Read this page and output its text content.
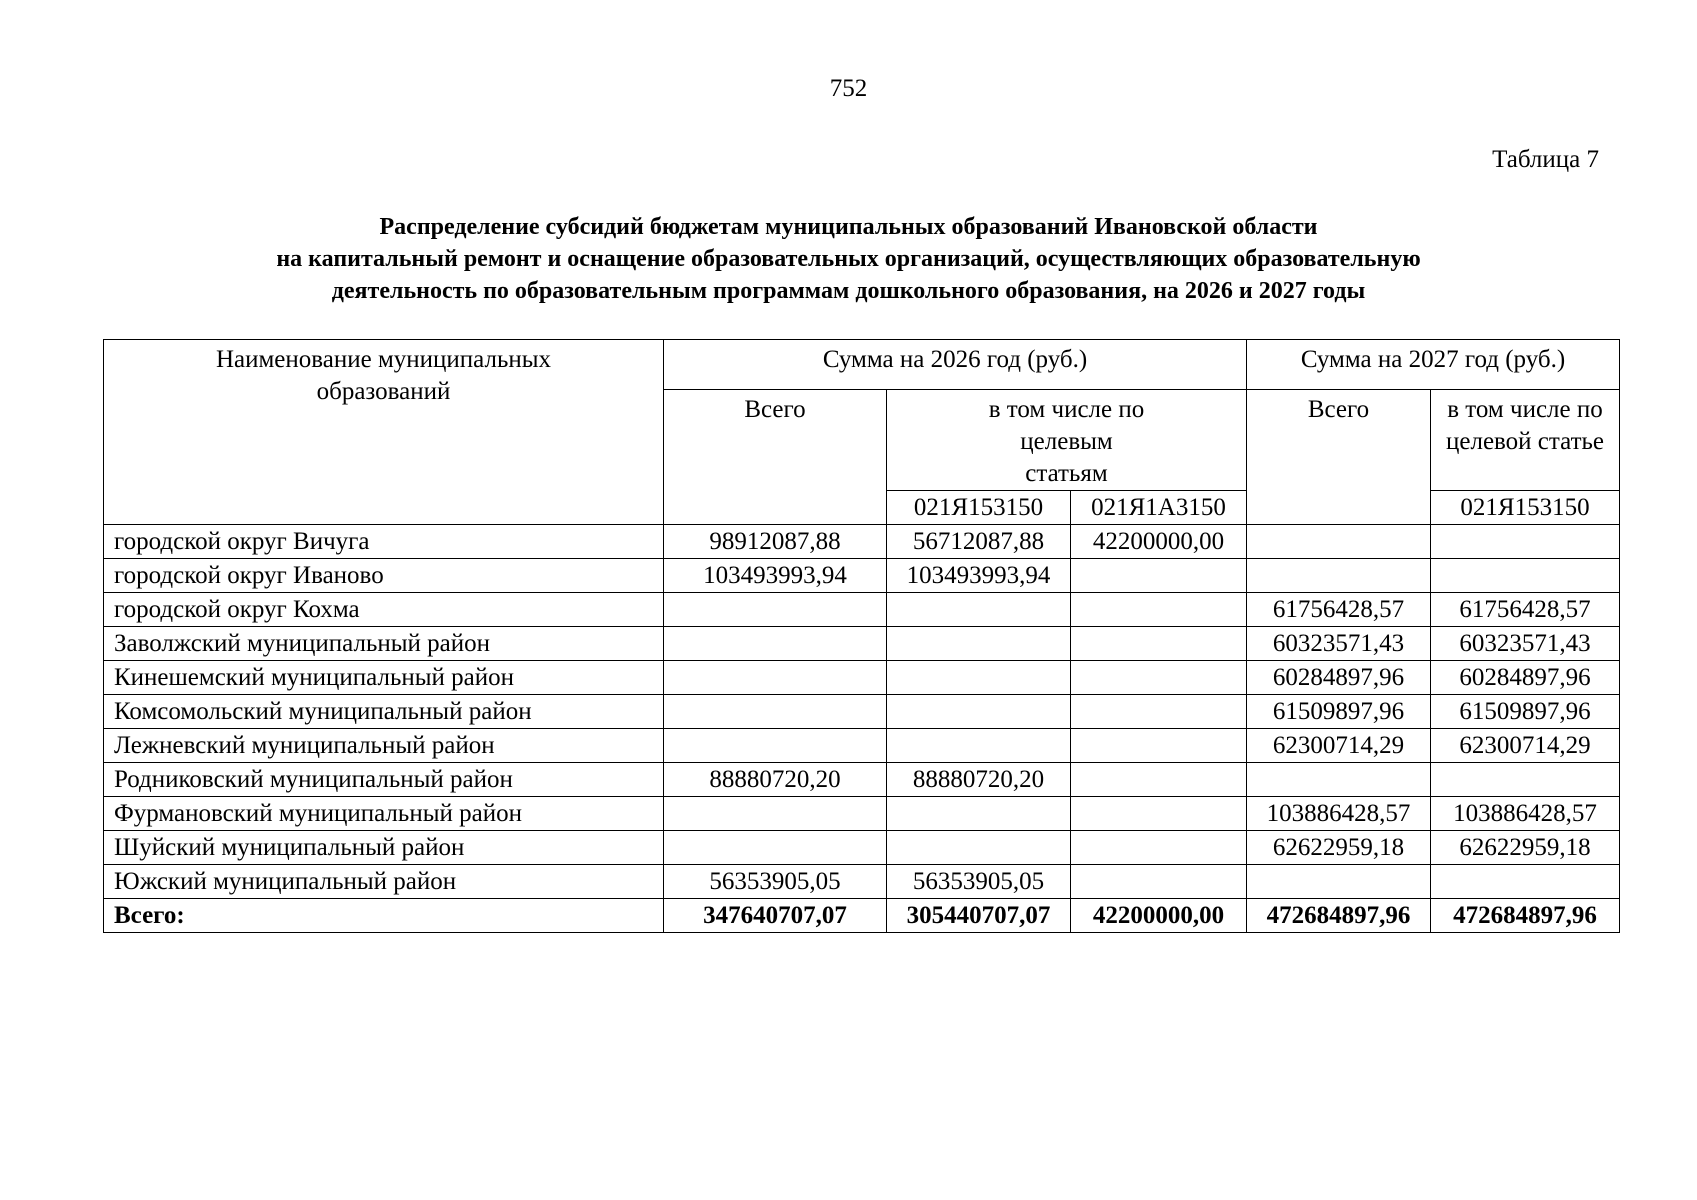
752
Таблица 7
Распределение субсидий бюджетам муниципальных образований Ивановской области
на капитальный ремонт и оснащение образовательных организаций, осуществляющих образовательную
деятельность по образовательным программам дошкольного образования, на 2026 и 2027 годы
Наименование муниципальных образований	Сумма на 2026 год (руб.)			Сумма на 2027 год (руб.)	
	Всего	в том числе по целевым статьям		Всего	в том числе по целевой статье
		021Я153150	021Я1А3150		021Я153150
городской округ Вичуга	98912087,88	56712087,88	42200000,00		
городской округ Иваново	103493993,94	103493993,94			
городской округ Кохма				61756428,57	61756428,57
Заволжский муниципальный район				60323571,43	60323571,43
Кинешемский муниципальный район				60284897,96	60284897,96
Комсомольский муниципальный район				61509897,96	61509897,96
Лежневский муниципальный район				62300714,29	62300714,29
Родниковский муниципальный район	88880720,20	88880720,20			
Фурмановский муниципальный район				103886428,57	103886428,57
Шуйский муниципальный район				62622959,18	62622959,18
Южский муниципальный район	56353905,05	56353905,05			
Всего:	347640707,07	305440707,07	42200000,00	472684897,96	472684897,96
